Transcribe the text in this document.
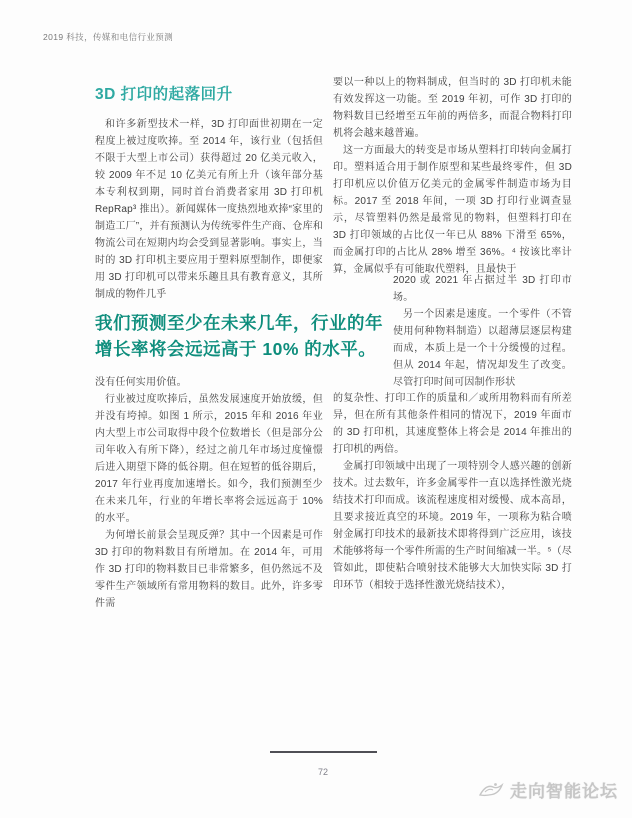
2019 科技，传媒和电信行业预测
3D 打印的起落回升

和许多新型技术一样，3D 打印面世初期在一定程度上被过度吹捧。至 2014 年，该行业（包括但不限于大型上市公司）获得超过 20 亿美元收入，较 2009 年不足 10 亿美元有所上升（该年部分基本专利权到期，同时首台消费者家用 3D 打印机 RepRap³ 推出）。新闻媒体一度热烈地欢捧“家里的制造工厂”，并有预测认为传统零件生产商、仓库和物流公司在短期内均会受到显著影响。事实上，当时的 3D 打印机主要应用于塑料原型制作，即便家用 3D 打印机可以带来乐趣且具有教育意义，其所制成的物件几乎

我们预测至少在未来几年，行业的年增长率将会远远高于 10% 的水平。

没有任何实用价值。

行业被过度吹捧后，虽然发展速度开始放缓，但并没有垮掉。如图 1 所示，2015 年和 2016 年业内大型上市公司取得中段个位数增长（但是部分公司年收入有所下降），经过之前几年市场过度憧憬后进入期望下降的低谷期。但在短暂的低谷期后，2017 年行业再度加速增长。如今，我们预测至少在未来几年，行业的年增长率将会远远高于 10% 的水平。

为何增长前景会呈现反弹？其中一个因素是可作 3D 打印的物料数目有所增加。在 2014 年，可用作 3D 打印的物料数目已非常繁多，但仍然远不及零件生产领域所有常用物料的数目。此外，许多零件需

要以一种以上的物料制成，但当时的 3D 打印机未能有效发挥这一功能。至 2019 年初，可作 3D 打印的物料数目已经增至五年前的两倍多，而混合物料打印机将会越来越普遍。

这一方面最大的转变是市场从塑料打印转向金属打印。塑料适合用于制作原型和某些最终零件，但 3D 打印机应以价值万亿美元的金属零件制造市场为目标。2017 至 2018 年间，一项 3D 打印行业调查显示，尽管塑料仍然是最常见的物料，但塑料打印在 3D 打印领域的占比仅一年已从 88% 下滑至 65%，而金属打印的占比从 28% 增至 36%。⁴ 按该比率计算，金属似乎有可能取代塑料，且最快于

2020 或 2021 年占据过半 3D 打印市场。

另一个因素是速度。一个零件（不管使用何种物料制造）以超薄层逐层构建而成，本质上是一个十分缓慢的过程。但从 2014 年起，情况却发生了改变。尽管打印时间可因制作形状

的复杂性、打印工作的质量和／或所用物料而有所差异，但在所有其他条件相同的情况下，2019 年面市的 3D 打印机，其速度整体上将会是 2014 年推出的打印机的两倍。

金属打印领域中出现了一项特别令人感兴趣的创新技术。过去数年，许多金属零件一直以选择性激光烧结技术打印而成。该流程速度相对缓慢、成本高昂，且要求接近真空的环境。2019 年，一项称为粘合喷射金属打印技术的最新技术即将得到广泛应用，该技术能够将每一个零件所需的生产时间缩减一半。⁵（尽管如此，即使粘合喷射技术能够大大加快实际 3D 打印环节（相较于选择性激光烧结技术），

72
走向智能论坛
